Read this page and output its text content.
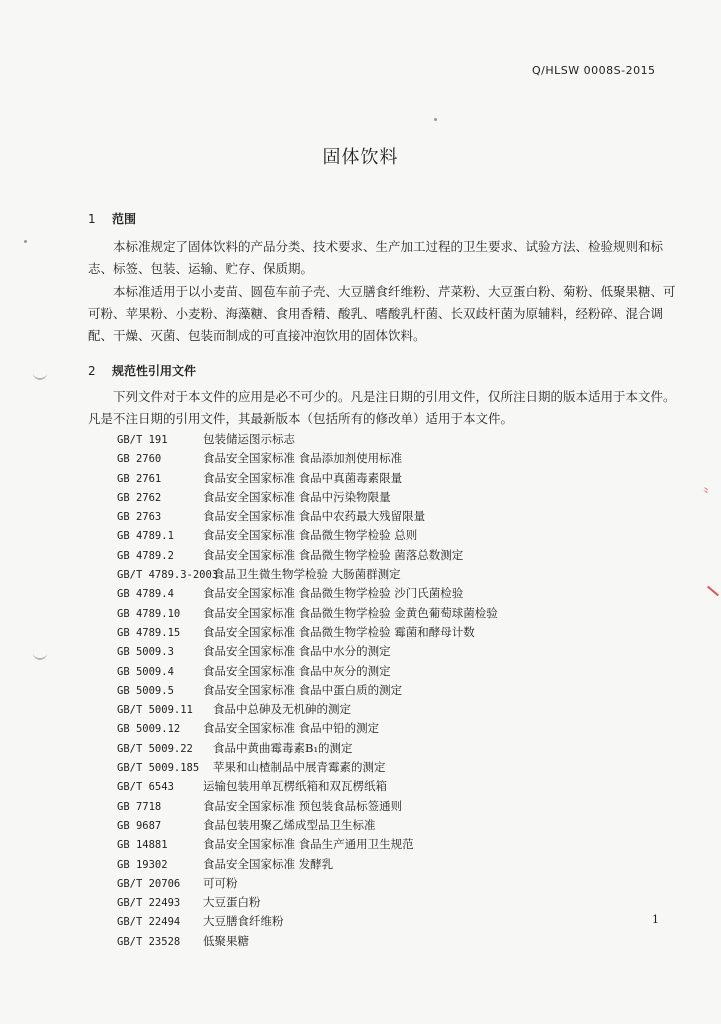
Q/HLSW 0008S-2015
固体饮料
1 范围
本标准规定了固体饮料的产品分类、技术要求、生产加工过程的卫生要求、试验方法、检验规则和标志、标签、包装、运输、贮存、保质期。
本标准适用于以小麦苗、圆苞车前子壳、大豆膳食纤维粉、芹菜粉、大豆蛋白粉、菊粉、低聚果糖、可可粉、苹果粉、小麦粉、海藻糖、食用香精、酸乳、嗜酸乳杆菌、长双歧杆菌为原辅料，经粉碎、混合调配、干燥、灭菌、包装而制成的可直接冲泡饮用的固体饮料。
2 规范性引用文件
下列文件对于本文件的应用是必不可少的。凡是注日期的引用文件，仅所注日期的版本适用于本文件。凡是不注日期的引用文件，其最新版本（包括所有的修改单）适用于本文件。
GB/T 191	包装储运图示标志
GB 2760	食品安全国家标准 食品添加剂使用标准
GB 2761	食品安全国家标准 食品中真菌毒素限量
GB 2762	食品安全国家标准 食品中污染物限量
GB 2763	食品安全国家标准 食品中农药最大残留限量
GB 4789.1	食品安全国家标准 食品微生物学检验 总则
GB 4789.2	食品安全国家标准 食品微生物学检验 菌落总数测定
GB/T 4789.3-2003食品卫生微生物学检验 大肠菌群测定
GB 4789.4	食品安全国家标准 食品微生物学检验 沙门氏菌检验
GB 4789.10 食品安全国家标准 食品微生物学检验 金黄色葡萄球菌检验
GB 4789.15 食品安全国家标准 食品微生物学检验 霉菌和酵母计数
GB 5009.3	食品安全国家标准 食品中水分的测定
GB 5009.4	食品安全国家标准 食品中灰分的测定
GB 5009.5	食品安全国家标准 食品中蛋白质的测定
GB/T 5009.11 食品中总砷及无机砷的测定
GB 5009.12 食品安全国家标准 食品中铅的测定
GB/T 5009.22 食品中黄曲霉毒素B₁的测定
GB/T 5009.185 苹果和山楂制品中展青霉素的测定
GB/T 6543	运输包装用单瓦楞纸箱和双瓦楞纸箱
GB 7718	食品安全国家标准 预包装食品标签通则
GB 9687	食品包装用聚乙烯成型品卫生标准
GB 14881	食品安全国家标准 食品生产通用卫生规范
GB 19302	食品安全国家标准 发酵乳
GB/T 20706 可可粉
GB/T 22493 大豆蛋白粉
GB/T 22494 大豆膳食纤维粉
GB/T 23528 低聚果糖
1
⺀
